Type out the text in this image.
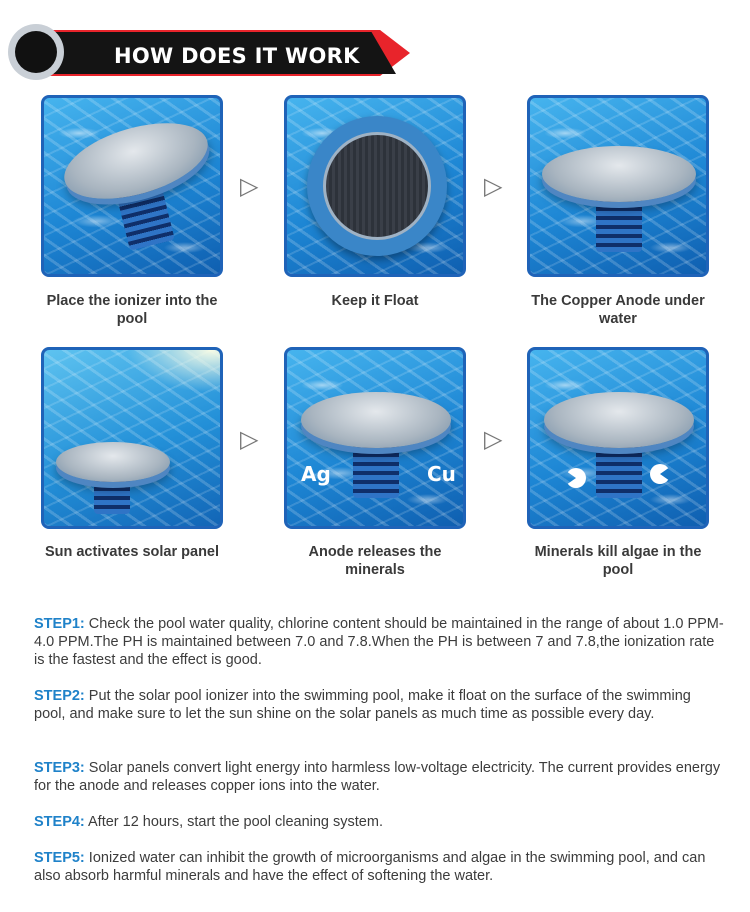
HOW DOES IT WORK
▷	▷
Place the ionizer into the pool
Keep it Float	The Copper Anode under water
▷
Ag	Cu
▷
Sun activates solar panel	Anode releases the minerals
Minerals kill algae in the pool
STEP1: Check the pool water quality, chlorine content should be maintained in the range of about 1.0 PPM-4.0 PPM.The PH is maintained between 7.0 and 7.8.When the PH is between 7 and 7.8,the ionization rate is the fastest and the effect is good.
STEP2: Put the solar pool ionizer into the swimming pool, make it float on the surface of the swimming pool, and make sure to let the sun shine on the solar panels as much time as possible every day.
STEP3: Solar panels convert light energy into harmless low-voltage electricity. The current provides energy for the anode and releases copper ions into the water.
STEP4: After 12 hours, start the pool cleaning system.
STEP5: Ionized water can inhibit the growth of microorganisms and algae in the swimming pool, and can also absorb harmful minerals and have the effect of softening the water.
